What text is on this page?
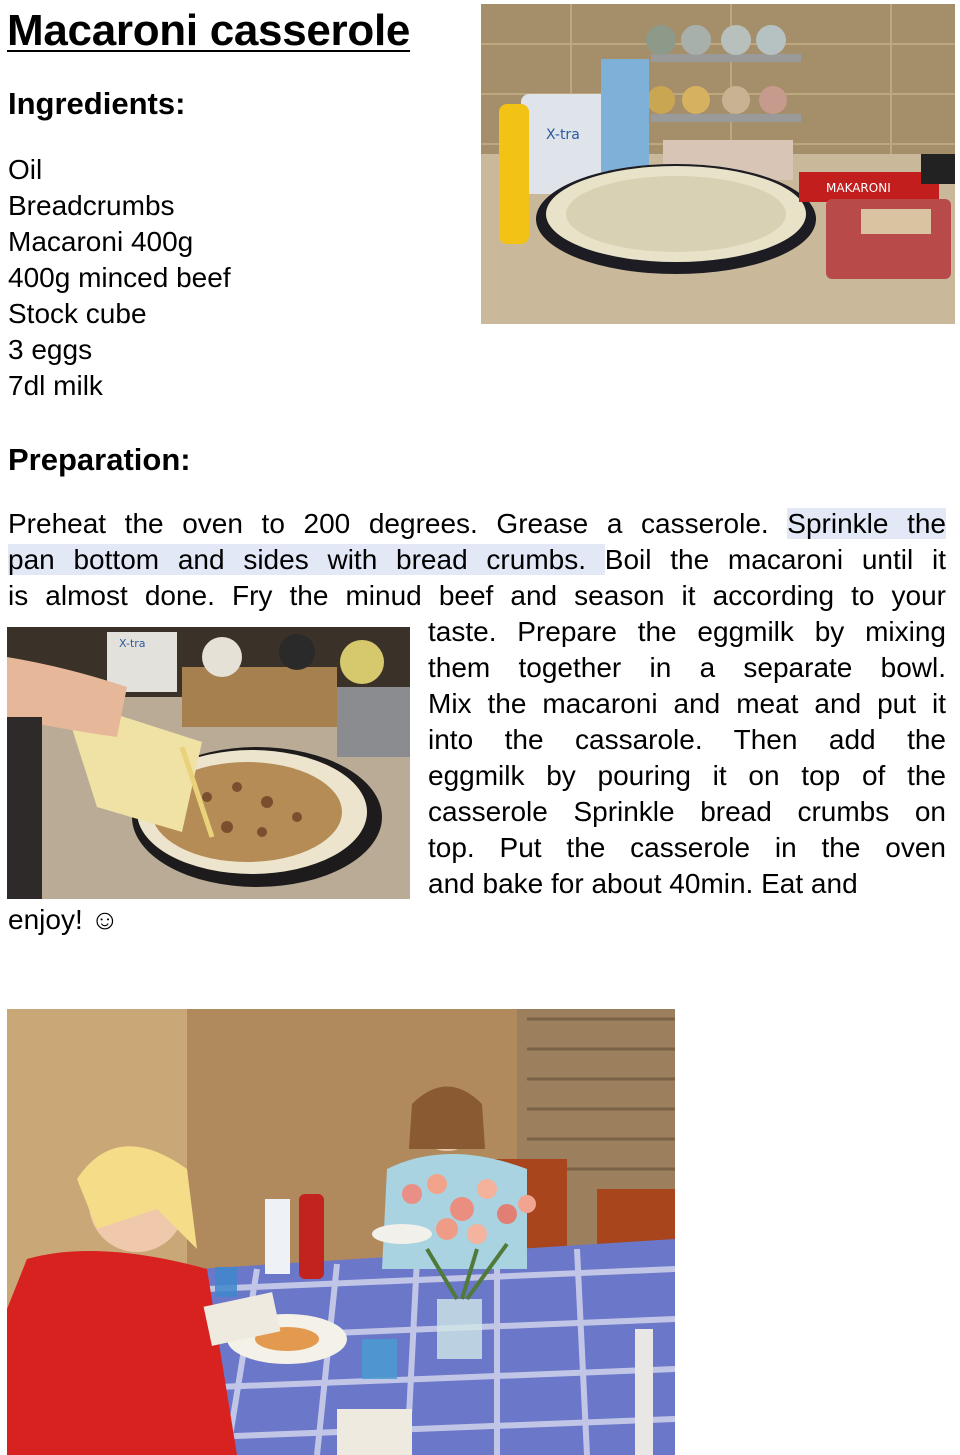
Macaroni casserole
Ingredients:
Oil
Breadcrumbs
Macaroni 400g
400g minced beef
Stock cube
3 eggs
7dl milk
Preparation:
X-tra
MAKARONI
X-tra
Preheat the oven to 200 degrees. Grease a casserole. Sprinkle the
pan bottom and sides with bread crumbs. Boil the macaroni until it
is almost done. Fry the minud beef and season it according to your
taste. Prepare the eggmilk by mixing
them together in a separate bowl.
Mix the macaroni and meat and put it
into the cassarole. Then add the
eggmilk by pouring it on top of the
casserole Sprinkle bread crumbs on
top. Put the casserole in the oven
and bake for about 40min. Eat and
enjoy! ☺
